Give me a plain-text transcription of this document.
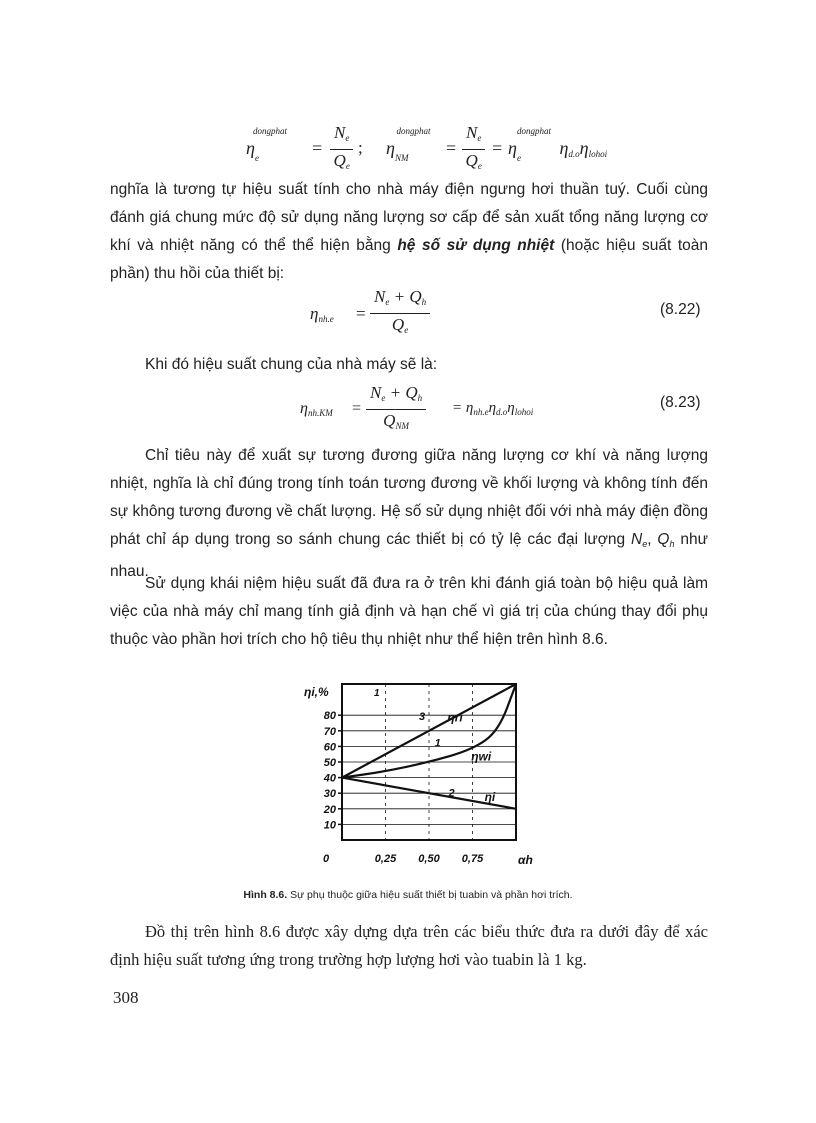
$\eta_e^{dongphat}$
= $\frac{N_e}{Q_e}$ ; $\eta_{NM}^{dongphat}$
= $\frac{N_e}{Q_e} = \eta_e^{dongphat}$ $\eta_{d.o}\eta_{lohoi}$
nghĩa là tương tự hiệu suất tính cho nhà máy điện ngưng hơi thuần tuý. Cuối cùng đánh giá chung mức độ sử dụng năng lượng sơ cấp để sản xuất tổng năng lượng cơ khí và nhiệt năng có thể thể hiện bằng hệ số sử dụng nhiệt (hoặc hiệu suất toàn phần) thu hồi của thiết bị:
$\eta_{nh.e} = \frac{N_e + Q_h}{Q_e}$	(8.22)
Khi đó hiệu suất chung của nhà máy sẽ là:
$\eta_{nh.KM}$ =
$N_e + Q_h$
$Q_{NM}$
= $\eta_{nh.e}\eta_{d.o}\eta_{lohoi}$
(8.23)
Chỉ tiêu này để xuất sự tương đương giữa năng lượng cơ khí và năng lượng nhiệt, nghĩa là chỉ đúng trong tính toán tương đương về khối lượng và không tính đến sự không tương đương về chất lượng. Hệ số sử dụng nhiệt đối với nhà máy điện đồng phát chỉ áp dụng trong so sánh chung các thiết bị có tỷ lệ các đại lượng $N_e$, $Q_h$ như nhau.
Sử dụng khái niệm hiệu suất đã đưa ra ở trên khi đánh giá toàn bộ hiệu quả làm việc của nhà máy chỉ mang tính giả định và hạn chế vì giá trị của chúng thay đổi phụ thuộc vào phần hơi trích cho hộ tiêu thụ nhiệt như thể hiện trên hình 8.6.
80
70
60
50
40
30
20
10
0	0,25 0,50 0,75	αh
ηi,%
3 ηri
1
ηwi
2 ηi
1
Hình 8.6. Sự phụ thuộc giữa hiệu suất thiết bị tuabin và phần hơi trích.
Đồ thị trên hình 8.6 được xây dựng dựa trên các biểu thức đưa ra dưới đây để xác định hiệu suất tương ứng trong trường hợp lượng hơi vào tuabin là 1 kg.
308
